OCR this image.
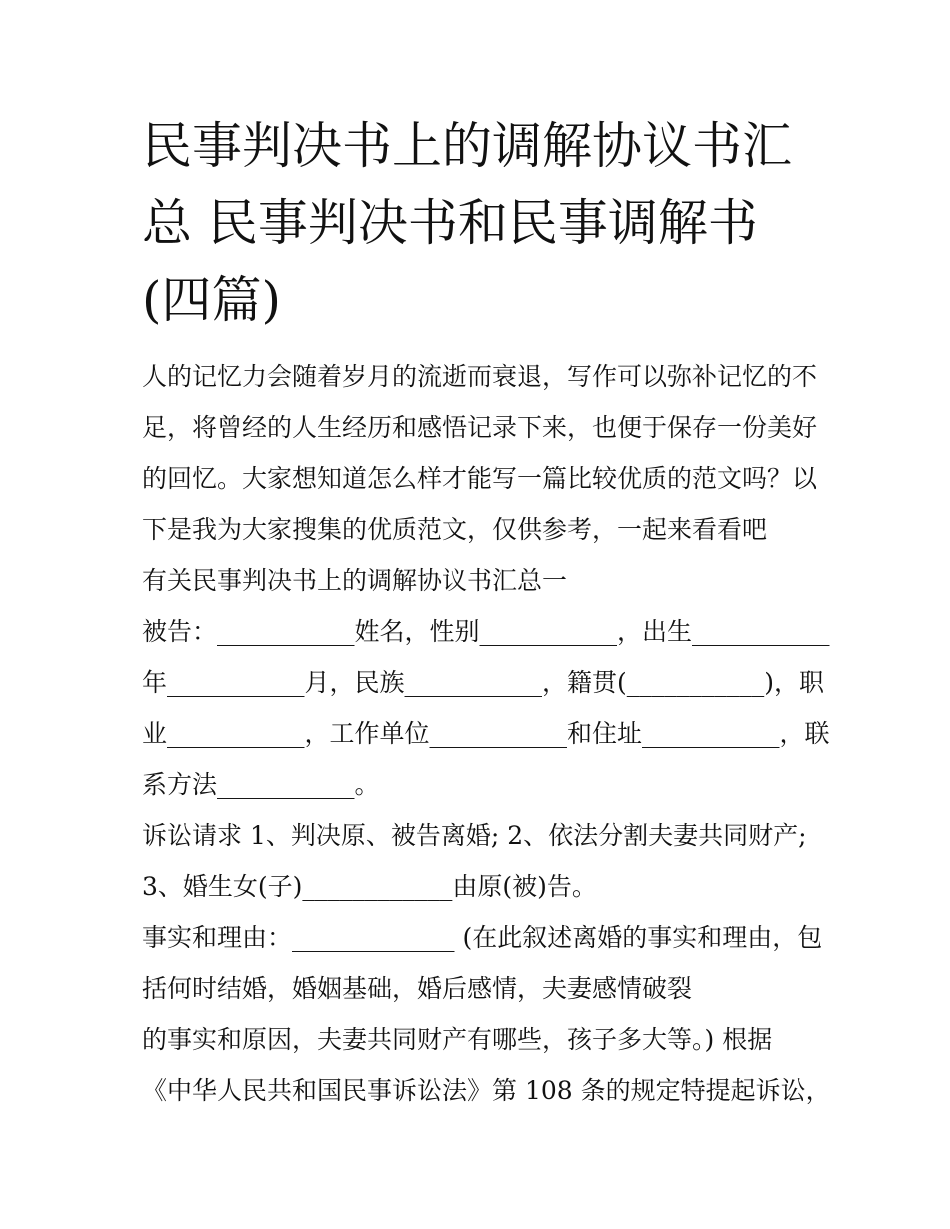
民事判决书上的调解协议书汇
总 民事判决书和民事调解书
(四篇)
人的记忆力会随着岁月的流逝而衰退，写作可以弥补记忆的不
足，将曾经的人生经历和感悟记录下来，也便于保存一份美好
的回忆。大家想知道怎么样才能写一篇比较优质的范文吗？以
下是我为大家搜集的优质范文，仅供参考，一起来看看吧
有关民事判决书上的调解协议书汇总一
被告：___________姓名，性别___________，出生___________
年___________月，民族___________，籍贯(___________)，职
业___________，工作单位___________和住址___________，联
系方法___________。
诉讼请求 1、判决原、被告离婚; 2、依法分割夫妻共同财产;
3、婚生女(子)____________由原(被)告。
事实和理由：_____________ (在此叙述离婚的事实和理由，包
括何时结婚，婚姻基础，婚后感情，夫妻感情破裂
的事实和原因，夫妻共同财产有哪些，孩子多大等。) 根据
《中华人民共和国民事诉讼法》第 108 条的规定特提起诉讼，
